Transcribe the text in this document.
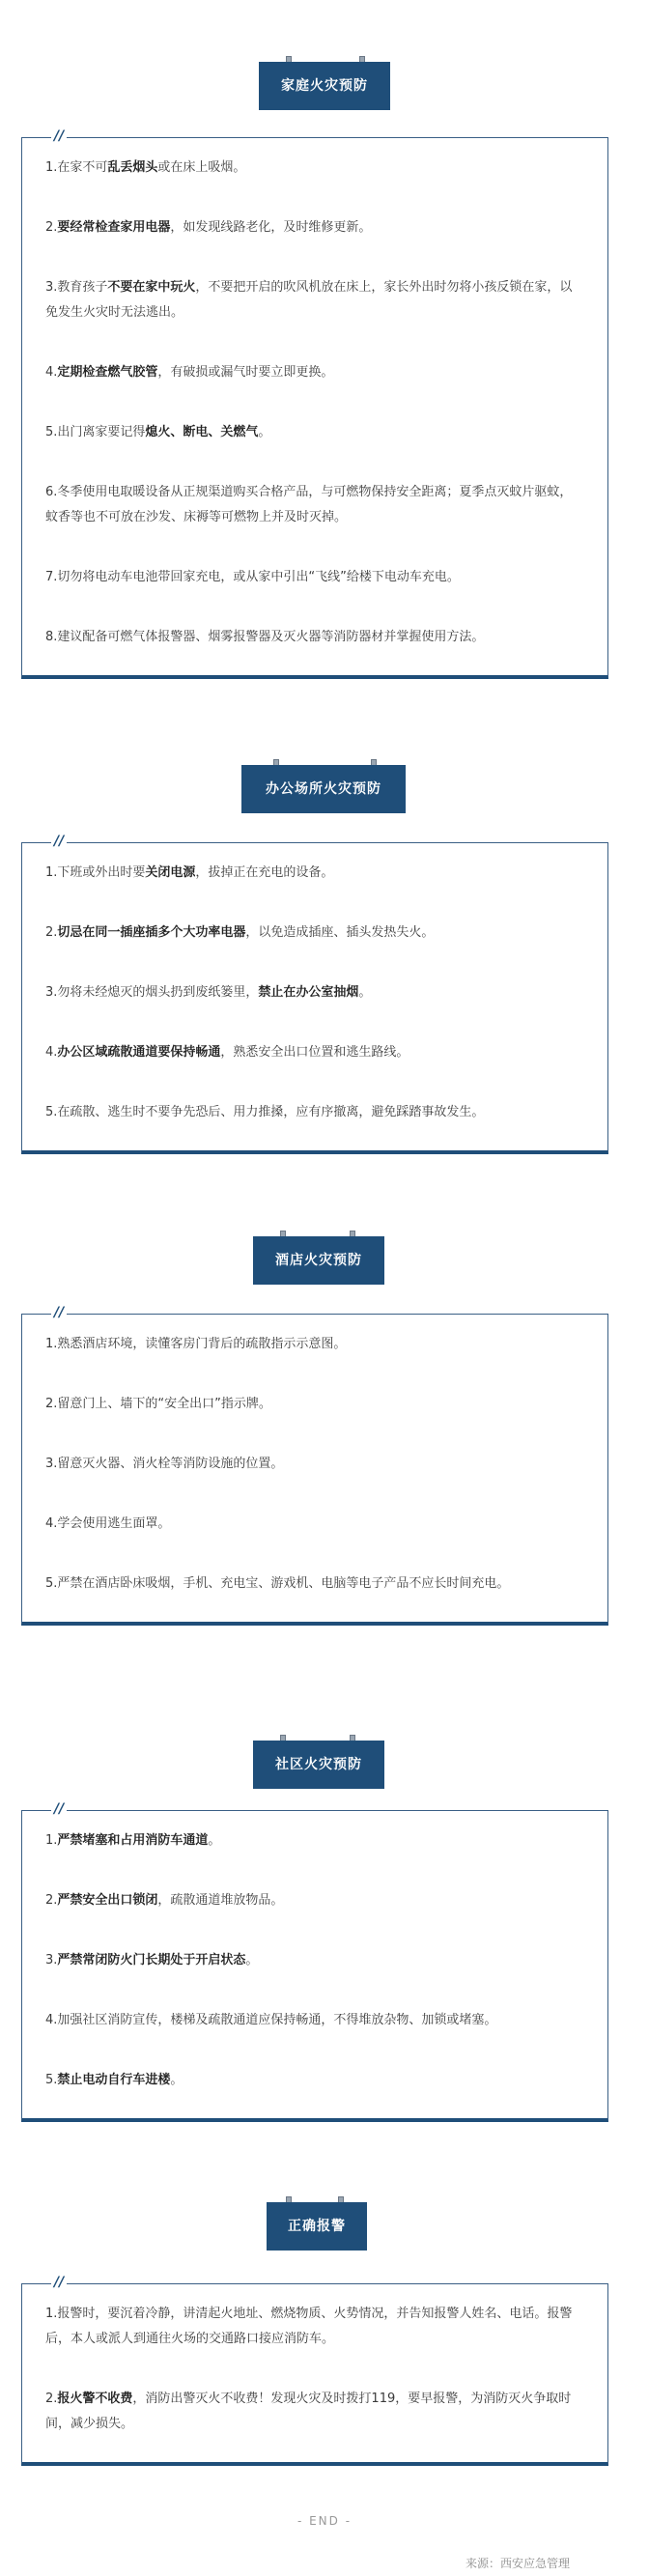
家庭火灾预防
//
1.在家不可乱丢烟头或在床上吸烟。
2.要经常检查家用电器，如发现线路老化，及时维修更新。
3.教育孩子不要在家中玩火，不要把开启的吹风机放在床上，家长外出时勿将小孩反锁在家，以免发生火灾时无法逃出。
4.定期检查燃气胶管，有破损或漏气时要立即更换。
5.出门离家要记得熄火、断电、关燃气。
6.冬季使用电取暖设备从正规渠道购买合格产品，与可燃物保持安全距离；夏季点灭蚊片驱蚊，蚊香等也不可放在沙发、床褥等可燃物上并及时灭掉。
7.切勿将电动车电池带回家充电，或从家中引出“飞线”给楼下电动车充电。
8.建议配备可燃气体报警器、烟雾报警器及灭火器等消防器材并掌握使用方法。
办公场所火灾预防
//
1.下班或外出时要关闭电源，拔掉正在充电的设备。
2.切忌在同一插座插多个大功率电器，以免造成插座、插头发热失火。
3.勿将未经熄灭的烟头扔到废纸篓里，禁止在办公室抽烟。
4.办公区域疏散通道要保持畅通，熟悉安全出口位置和逃生路线。
5.在疏散、逃生时不要争先恐后、用力推搡，应有序撤离，避免踩踏事故发生。
酒店火灾预防
//
1.熟悉酒店环境，读懂客房门背后的疏散指示示意图。
2.留意门上、墙下的“安全出口”指示牌。
3.留意灭火器、消火栓等消防设施的位置。
4.学会使用逃生面罩。
5.严禁在酒店卧床吸烟，手机、充电宝、游戏机、电脑等电子产品不应长时间充电。
社区火灾预防
//
1.严禁堵塞和占用消防车通道。
2.严禁安全出口锁闭，疏散通道堆放物品。
3.严禁常闭防火门长期处于开启状态。
4.加强社区消防宣传，楼梯及疏散通道应保持畅通，不得堆放杂物、加锁或堵塞。
5.禁止电动自行车进楼。
正确报警
//
1.报警时，要沉着冷静，讲清起火地址、燃烧物质、火势情况，并告知报警人姓名、电话。报警后，本人或派人到通往火场的交通路口接应消防车。
2.报火警不收费，消防出警灭火不收费！发现火灾及时拨打119，要早报警，为消防灭火争取时间，减少损失。
- END -
来源：西安应急管理
